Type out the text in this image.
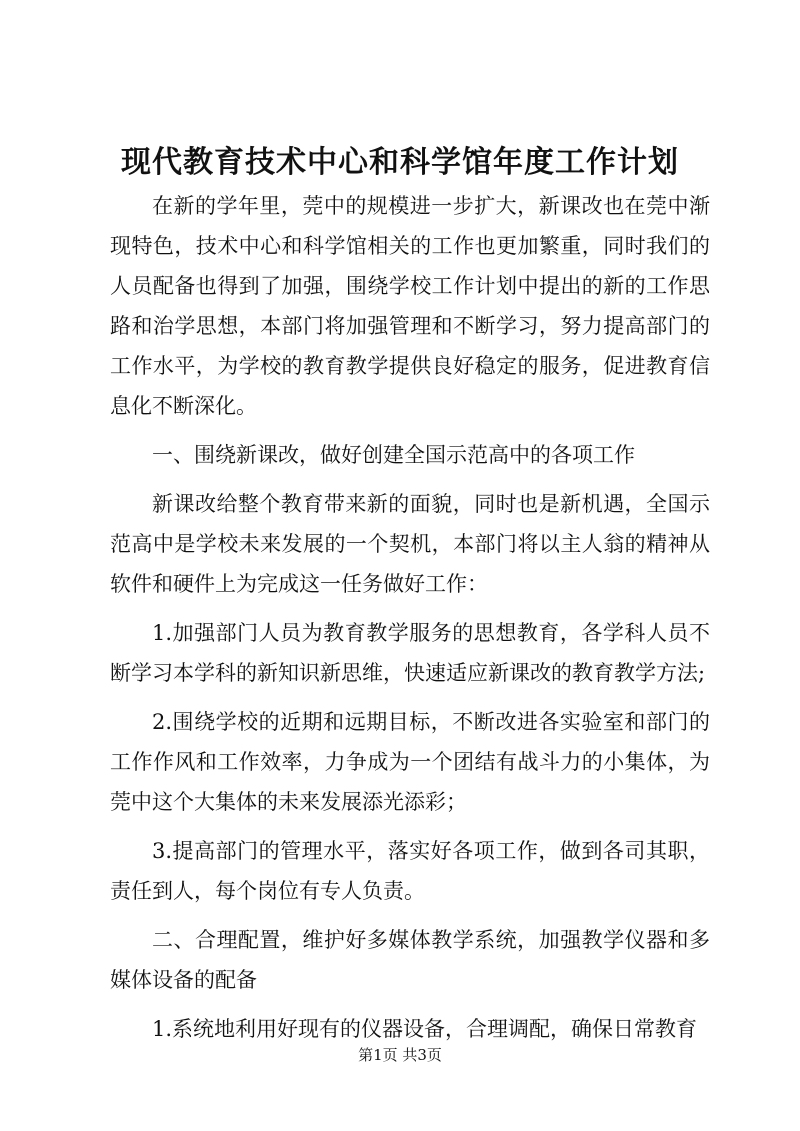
现代教育技术中心和科学馆年度工作计划

在新的学年里，莞中的规模进一步扩大，新课改也在莞中渐现特色，技术中心和科学馆相关的工作也更加繁重，同时我们的人员配备也得到了加强，围绕学校工作计划中提出的新的工作思路和治学思想，本部门将加强管理和不断学习，努力提高部门的工作水平，为学校的教育教学提供良好稳定的服务，促进教育信息化不断深化。

一、围绕新课改，做好创建全国示范高中的各项工作

新课改给整个教育带来新的面貌，同时也是新机遇，全国示范高中是学校未来发展的一个契机，本部门将以主人翁的精神从软件和硬件上为完成这一任务做好工作：

1.加强部门人员为教育教学服务的思想教育，各学科人员不断学习本学科的新知识新思维，快速适应新课改的教育教学方法;

2.围绕学校的近期和远期目标，不断改进各实验室和部门的工作作风和工作效率，力争成为一个团结有战斗力的小集体，为莞中这个大集体的未来发展添光添彩；

3.提高部门的管理水平，落实好各项工作，做到各司其职，责任到人，每个岗位有专人负责。

二、合理配置，维护好多媒体教学系统，加强教学仪器和多媒体设备的配备

1.系统地利用好现有的仪器设备，合理调配，确保日常教育

第1页 共3页
